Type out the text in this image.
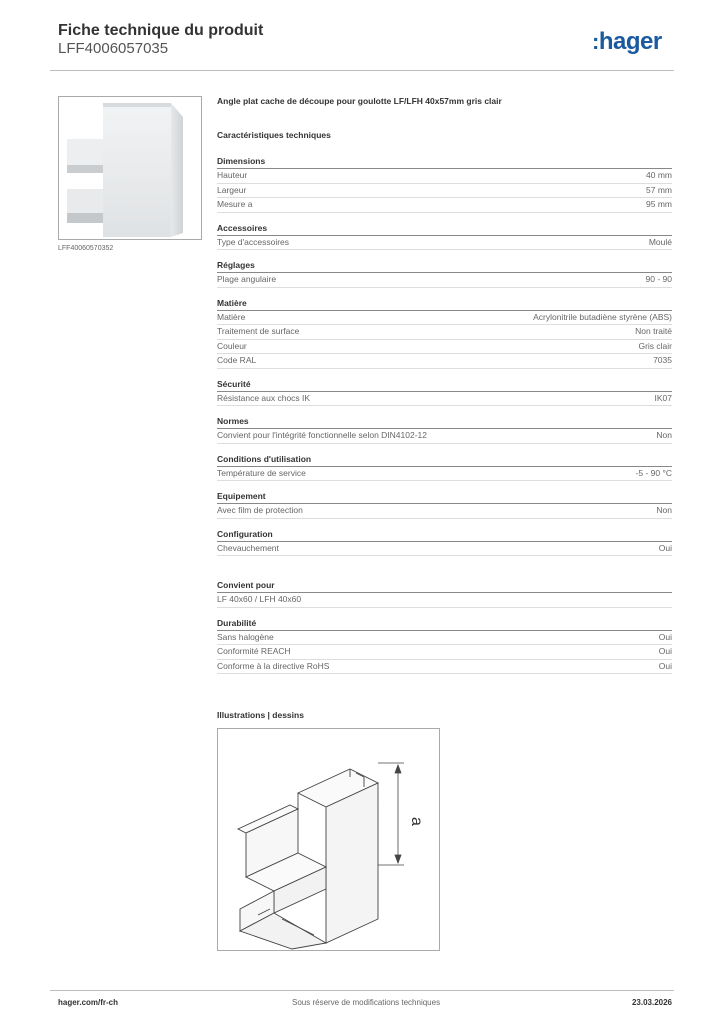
Fiche technique du produit
LFF4006057035	:hager
LFF40060570352
Angle plat cache de découpe pour goulotte LF/LFH 40x57mm gris clair
Caractéristiques techniques
Dimensions
Hauteur	40 mm
Largeur	57 mm
Mesure a	95 mm
Accessoires
Type d'accessoires	Moulé
Réglages
Plage angulaire	90 - 90
Matière
Matière	Acrylonitrile butadiène styrène (ABS)
Traitement de surface	Non traité
Couleur	Gris clair
Code RAL	7035
Sécurité
Résistance aux chocs IK	IK07
Normes
Convient pour l'intégrité fonctionnelle selon DIN4102-12	Non
Conditions d'utilisation
Température de service	-5 - 90 °C
Equipement
Avec film de protection	Non
Configuration
Chevauchement	Oui
Convient pour
LF 40x60 / LFH 40x60
Durabilité
Sans halogène	Oui
Conformité REACH	Oui
Conforme à la directive RoHS	Oui
Illustrations | dessins
a
hager.com/fr-ch	Sous réserve de modifications techniques	23.03.2026
